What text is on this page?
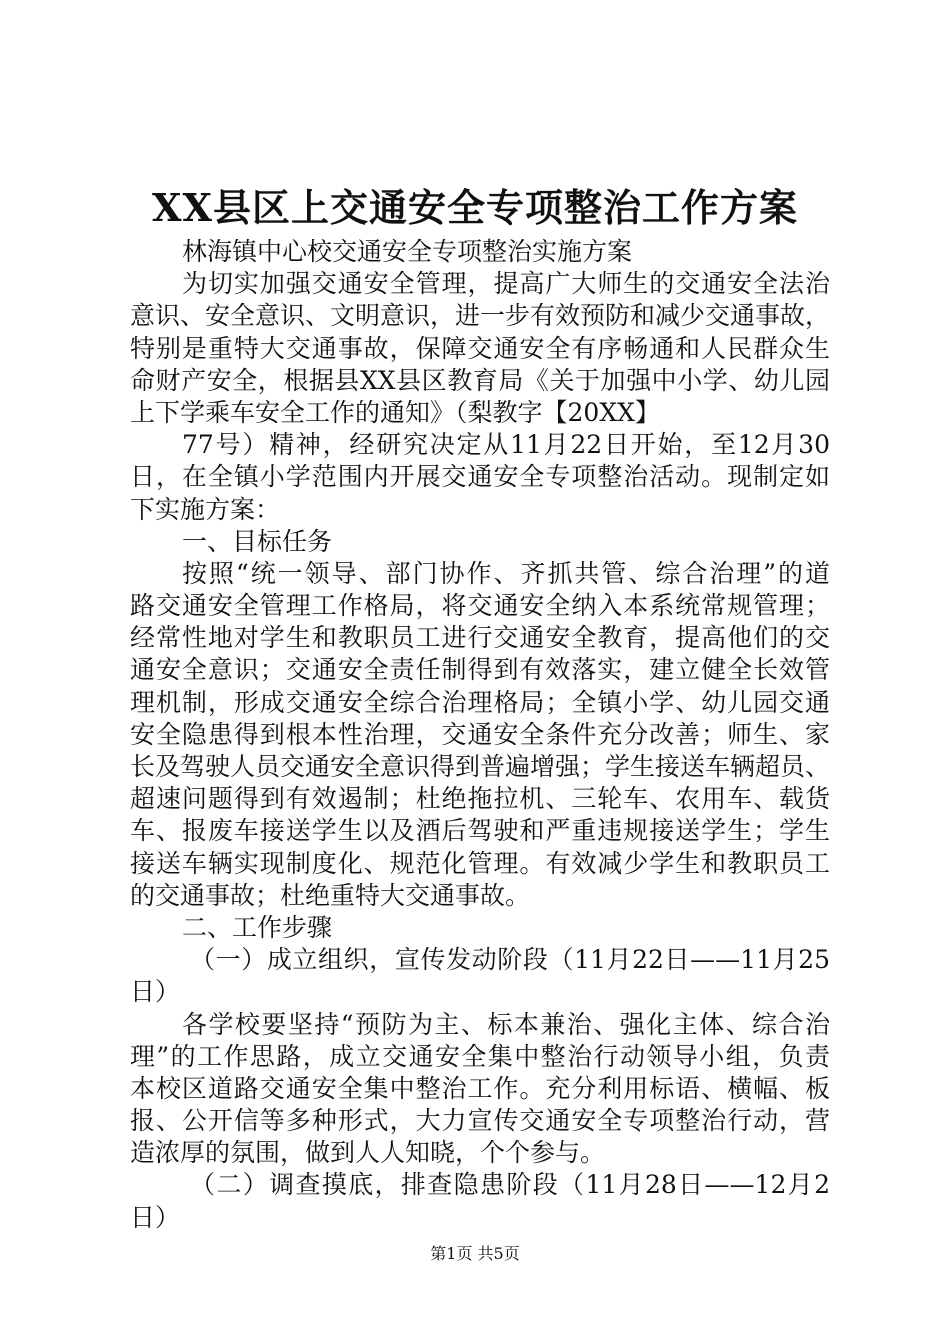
XX县区上交通安全专项整治工作方案
林海镇中心校交通安全专项整治实施方案
为切实加强交通安全管理，提高广大师生的交通安全法治
意识、安全意识、文明意识，进一步有效预防和减少交通事故，
特别是重特大交通事故，保障交通安全有序畅通和人民群众生
命财产安全，根据县XX县区教育局《关于加强中小学、幼儿园
上下学乘车安全工作的通知》（梨教字【20XX】
77号）精神，经研究决定从11月22日开始，至12月30
日，在全镇小学范围内开展交通安全专项整治活动。现制定如
下实施方案：
一、目标任务
按照“统一领导、部门协作、齐抓共管、综合治理”的道
路交通安全管理工作格局，将交通安全纳入本系统常规管理；
经常性地对学生和教职员工进行交通安全教育，提高他们的交
通安全意识；交通安全责任制得到有效落实，建立健全长效管
理机制，形成交通安全综合治理格局；全镇小学、幼儿园交通
安全隐患得到根本性治理，交通安全条件充分改善；师生、家
长及驾驶人员交通安全意识得到普遍增强；学生接送车辆超员、
超速问题得到有效遏制；杜绝拖拉机、三轮车、农用车、载货
车、报废车接送学生以及酒后驾驶和严重违规接送学生；学生
接送车辆实现制度化、规范化管理。有效减少学生和教职员工
的交通事故；杜绝重特大交通事故。
二、工作步骤
（一）成立组织，宣传发动阶段（11月22日——11月25
日）
各学校要坚持“预防为主、标本兼治、强化主体、综合治
理”的工作思路，成立交通安全集中整治行动领导小组，负责
本校区道路交通安全集中整治工作。充分利用标语、横幅、板
报、公开信等多种形式，大力宣传交通安全专项整治行动，营
造浓厚的氛围，做到人人知晓，个个参与。
（二）调查摸底，排查隐患阶段（11月28日——12月2
日）
第1页 共5页
